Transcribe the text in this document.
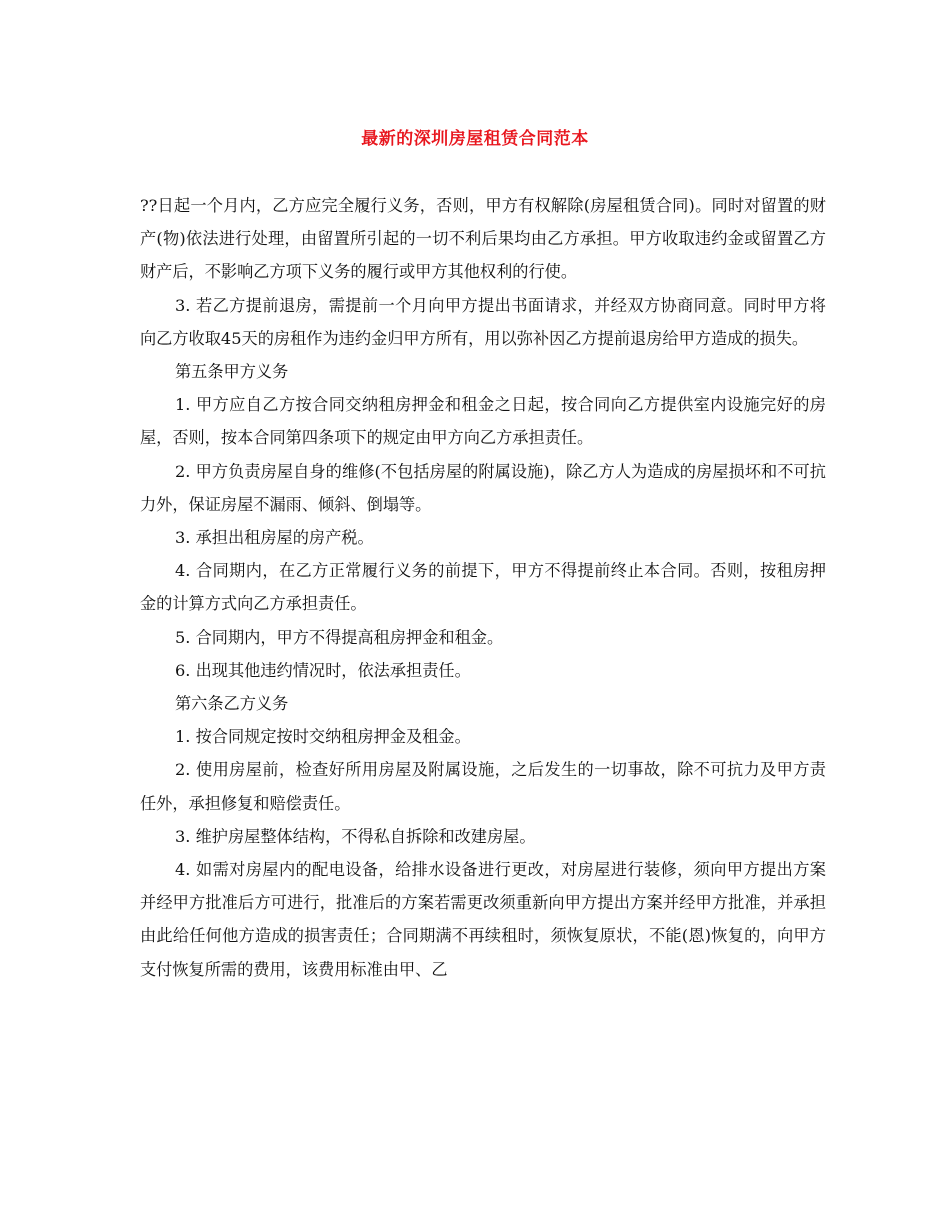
最新的深圳房屋租赁合同范本

??日起一个月内，乙方应完全履行义务，否则，甲方有权解除(房屋租赁合同)。同时对留置的财产(物)依法进行处理，由留置所引起的一切不利后果均由乙方承担。甲方收取违约金或留置乙方财产后，不影响乙方项下义务的履行或甲方其他权利的行使。

3. 若乙方提前退房，需提前一个月向甲方提出书面请求，并经双方协商同意。同时甲方将向乙方收取45天的房租作为违约金归甲方所有，用以弥补因乙方提前退房给甲方造成的损失。

第五条甲方义务

1. 甲方应自乙方按合同交纳租房押金和租金之日起，按合同向乙方提供室内设施完好的房屋，否则，按本合同第四条项下的规定由甲方向乙方承担责任。

2. 甲方负责房屋自身的维修(不包括房屋的附属设施)，除乙方人为造成的房屋损坏和不可抗力外，保证房屋不漏雨、倾斜、倒塌等。

3. 承担出租房屋的房产税。

4. 合同期内，在乙方正常履行义务的前提下，甲方不得提前终止本合同。否则，按租房押金的计算方式向乙方承担责任。

5. 合同期内，甲方不得提高租房押金和租金。

6. 出现其他违约情况时，依法承担责任。

第六条乙方义务

1. 按合同规定按时交纳租房押金及租金。

2. 使用房屋前，检查好所用房屋及附属设施，之后发生的一切事故，除不可抗力及甲方责任外，承担修复和赔偿责任。

3. 维护房屋整体结构，不得私自拆除和改建房屋。

4. 如需对房屋内的配电设备，给排水设备进行更改，对房屋进行装修，须向甲方提出方案并经甲方批准后方可进行，批准后的方案若需更改须重新向甲方提出方案并经甲方批准，并承担由此给任何他方造成的损害责任；合同期满不再续租时，须恢复原状，不能(恩)恢复的，向甲方支付恢复所需的费用，该费用标准由甲、乙
